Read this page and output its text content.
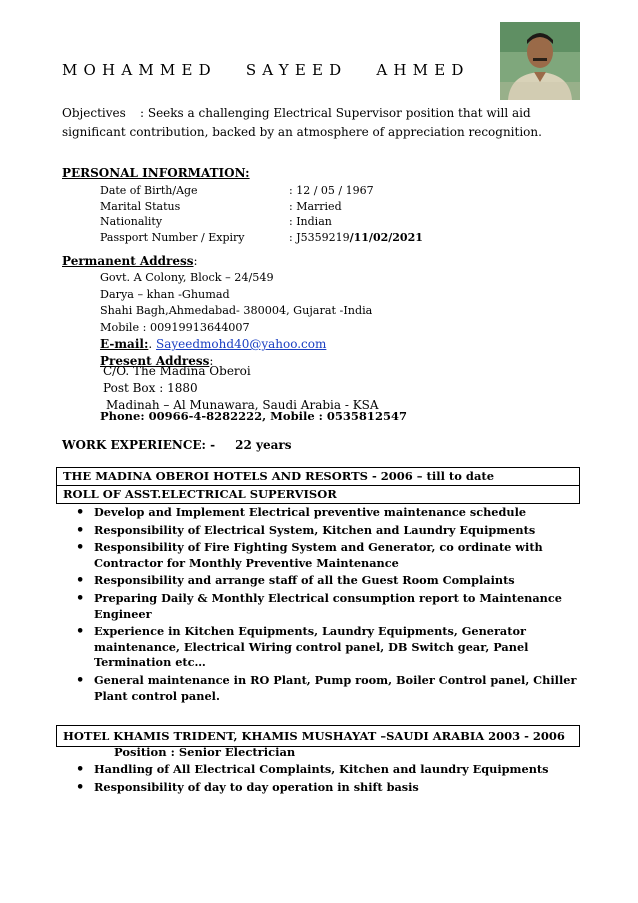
MOHAMMED SAYEED AHMED
Objectives : Seeks a challenging Electrical Supervisor position that will aid significant contribution, backed by an atmosphere of appreciation recognition.
PERSONAL INFORMATION:
Date of Birth/Age	: 12 / 05 / 1967
Marital Status	: Married
Nationality	: Indian
Passport Number / Expiry	: J5359219/11/02/2021
Permanent Address:
Govt. A Colony, Block – 24/549
Darya – khan -Ghumad
Shahi Bagh,Ahmedabad- 380004, Gujarat -India
Mobile : 00919913644007
E-mail:. Sayeedmohd40@yahoo.com
Present Address:
C/O. The Madina Oberoi
Post Box : 1880
Madinah – Al Munawara, Saudi Arabia - KSA
Phone: 00966-4-8282222, Mobile : 0535812547
WORK EXPERIENCE: - 22 years
THE MADINA OBEROI HOTELS AND RESORTS - 2006 – till to date
ROLL OF ASST.ELECTRICAL SUPERVISOR
• Develop and Implement Electrical preventive maintenance schedule
• Responsibility of Electrical System, Kitchen and Laundry Equipments
• Responsibility of Fire Fighting System and Generator, co ordinate with Contractor for Monthly Preventive Maintenance
• Responsibility and arrange staff of all the Guest Room Complaints
• Preparing Daily & Monthly Electrical consumption report to Maintenance Engineer
• Experience in Kitchen Equipments, Laundry Equipments, Generator maintenance, Electrical Wiring control panel, DB Switch gear, Panel Termination etc…
• General maintenance in RO Plant, Pump room, Boiler Control panel, Chiller Plant control panel.
HOTEL KHAMIS TRIDENT, KHAMIS MUSHAYAT –SAUDI ARABIA 2003 - 2006
Position : Senior Electrician
• Handling of All Electrical Complaints, Kitchen and laundry Equipments
• Responsibility of day to day operation in shift basis
